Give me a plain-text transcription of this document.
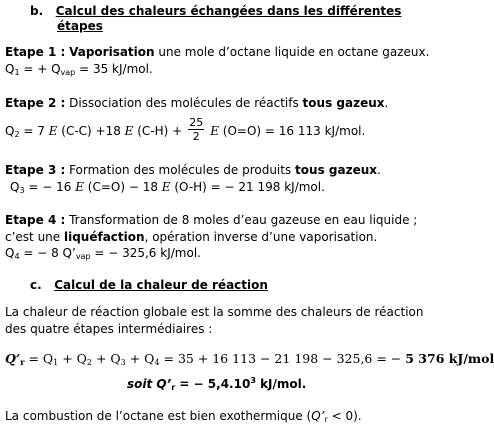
b. Calcul des chaleurs échangées dans les différentes
étapes
Etape 1 : Vaporisation une mole d’octane liquide en octane gazeux.
$Q_1$ = + $Q_{vap} = 35$ kJ/mol.
Etape 2 : Dissociation des molécules de réactifs tous gazeux.
$Q_2 = 7$ E (C-C) +18 E $(C-H) + \frac{25}{2}$ E (O=O) = 16 113 kJ/mol.
Etape 3 : Formation des molécules de produits tous gazeux.
$Q_3$ = − 16 E (C=O) − 18 E (O-H) = − 21 198 kJ/mol.
Etape 4 : Transformation de 8 moles d’eau gazeuse en eau liquide ;
c’est une liquéfaction, opération inverse d’une vaporisation.
$Q_4$ = − 8 $Q’_{vap}$ = − 325,6 kJ/mol.
c. Calcul de la chaleur de réaction
La chaleur de réaction globale est la somme des chaleurs de réaction
des quatre étapes intermédiaires :
$Q’_r = Q_1 + Q_2 + Q_3 + Q_4 = 35 + 16$ 113 − 21 198 − 325,6 = − 5 376 kJ/mol
soit $Q’_r$ = − $5,4.10^3$ kJ/mol.
La combustion de l’octane est bien exothermique $(Q’_r < 0)$.
